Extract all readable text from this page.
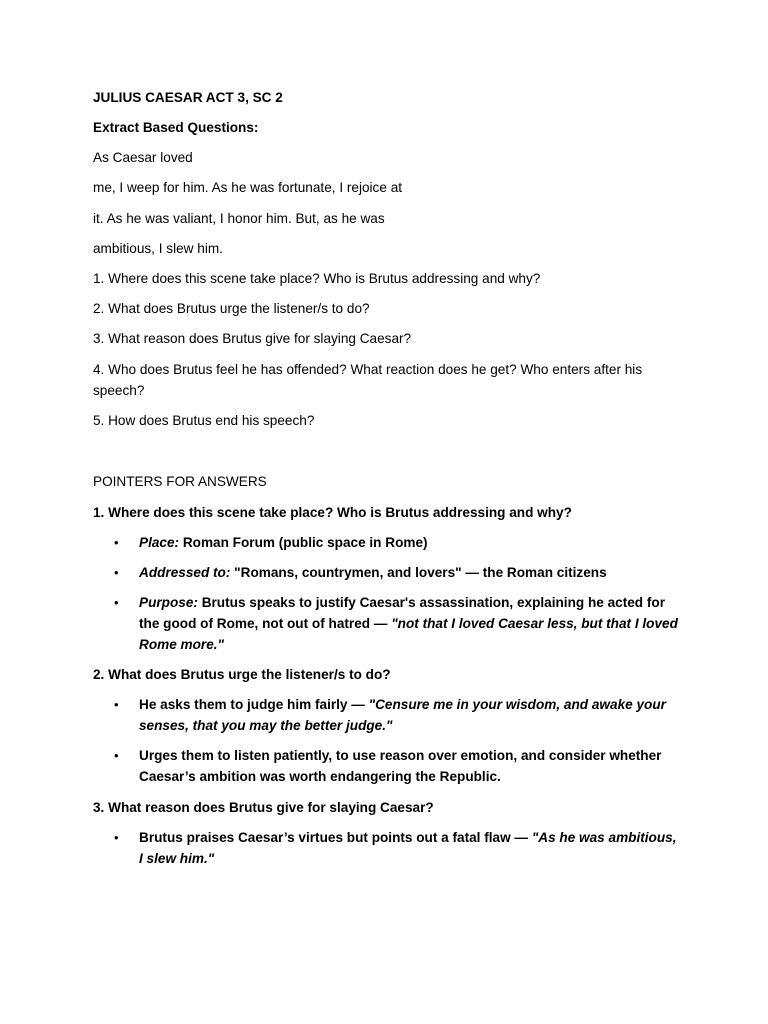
JULIUS CAESAR ACT 3, SC 2
Extract Based Questions:
As Caesar loved
me, I weep for him. As he was fortunate, I rejoice at
it. As he was valiant, I honor him. But, as he was
ambitious, I slew him.
1. Where does this scene take place? Who is Brutus addressing and why?
2. What does Brutus urge the listener/s to do?
3. What reason does Brutus give for slaying Caesar?
4. Who does Brutus feel he has offended? What reaction does he get? Who enters after his speech?
5. How does Brutus end his speech?
POINTERS FOR ANSWERS
1. Where does this scene take place? Who is Brutus addressing and why?
• Place: Roman Forum (public space in Rome)
• Addressed to: "Romans, countrymen, and lovers" — the Roman citizens
• Purpose: Brutus speaks to justify Caesar's assassination, explaining he acted for the good of Rome, not out of hatred — "not that I loved Caesar less, but that I loved Rome more."
2. What does Brutus urge the listener/s to do?
• He asks them to judge him fairly — "Censure me in your wisdom, and awake your senses, that you may the better judge."
• Urges them to listen patiently, to use reason over emotion, and consider whether Caesar’s ambition was worth endangering the Republic.
3. What reason does Brutus give for slaying Caesar?
• Brutus praises Caesar’s virtues but points out a fatal flaw — "As he was ambitious, I slew him."
